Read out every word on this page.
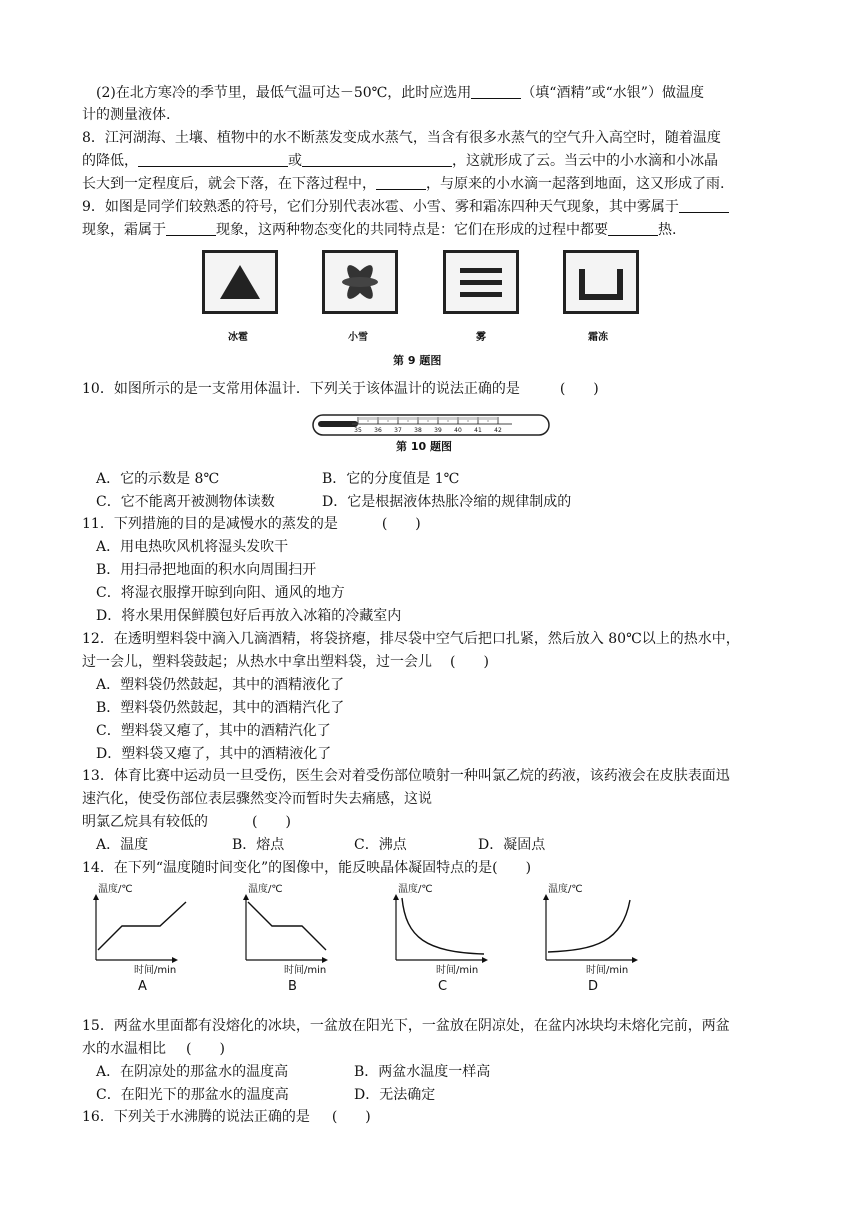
(2)在北方寒冷的季节里，最低气温可达－50℃，此时应选用	（填“酒精”或“水银”）做温度
计的测量液体.
8．江河湖海、土壤、植物中的水不断蒸发变成水蒸气，当含有很多水蒸气的空气升入高空时，随着温度
的降低，	或	，这就形成了云。当云中的小水滴和小冰晶
长大到一定程度后，就会下落，在下落过程中，	，与原来的小水滴一起落到地面，这又形成了雨.
9．如图是同学们较熟悉的符号，它们分别代表冰雹、小雪、雾和霜冻四种天气现象，其中雾属于
现象，霜属于	现象，这两种物态变化的共同特点是：它们在形成的过程中都要	热.
冰雹	小雪	雾	霜冻
第 9 题图
10．如图所示的是一支常用体温计．下列关于该体温计的说法正确的是	(　　)
35 36 37 38 39 40 41 42
第 10 题图
A．它的示数是 8℃	B．它的分度值是 1℃
C．它不能离开被测物体读数	D．它是根据液体热胀冷缩的规律制成的
11．下列措施的目的是减慢水的蒸发的是	(　　)
A．用电热吹风机将湿头发吹干
B．用扫帚把地面的积水向周围扫开
C．将湿衣服撑开晾到向阳、通风的地方
D．将水果用保鲜膜包好后再放入冰箱的冷藏室内
12．在透明塑料袋中滴入几滴酒精，将袋挤瘪，排尽袋中空气后把口扎紧，然后放入 80℃以上的热水中，
过一会儿，塑料袋鼓起；从热水中拿出塑料袋，过一会儿 (　　)
A．塑料袋仍然鼓起，其中的酒精液化了
B．塑料袋仍然鼓起，其中的酒精汽化了
C．塑料袋又瘪了，其中的酒精汽化了
D．塑料袋又瘪了，其中的酒精液化了
13．体育比赛中运动员一旦受伤，医生会对着受伤部位喷射一种叫氯乙烷的药液，该药液会在皮肤表面迅
速汽化，使受伤部位表层骤然变冷而暂时失去痛感，这说
明氯乙烷具有较低的	(　　)
A．温度	B．熔点	C．沸点	D．凝固点
14．在下列“温度随时间变化”的图像中，能反映晶体凝固特点的是(　　)
温度/℃
时间/min
A
温度/℃
时间/min
B
温度/℃
时间/min
C
温度/℃
时间/min
D
15．两盆水里面都有没熔化的冰块，一盆放在阳光下，一盆放在阴凉处，在盆内冰块均未熔化完前，两盆
水的水温相比 (　　)
A．在阴凉处的那盆水的温度高	B．两盆水温度一样高
C．在阳光下的那盆水的温度高	D．无法确定
16．下列关于水沸腾的说法正确的是 (　　)
